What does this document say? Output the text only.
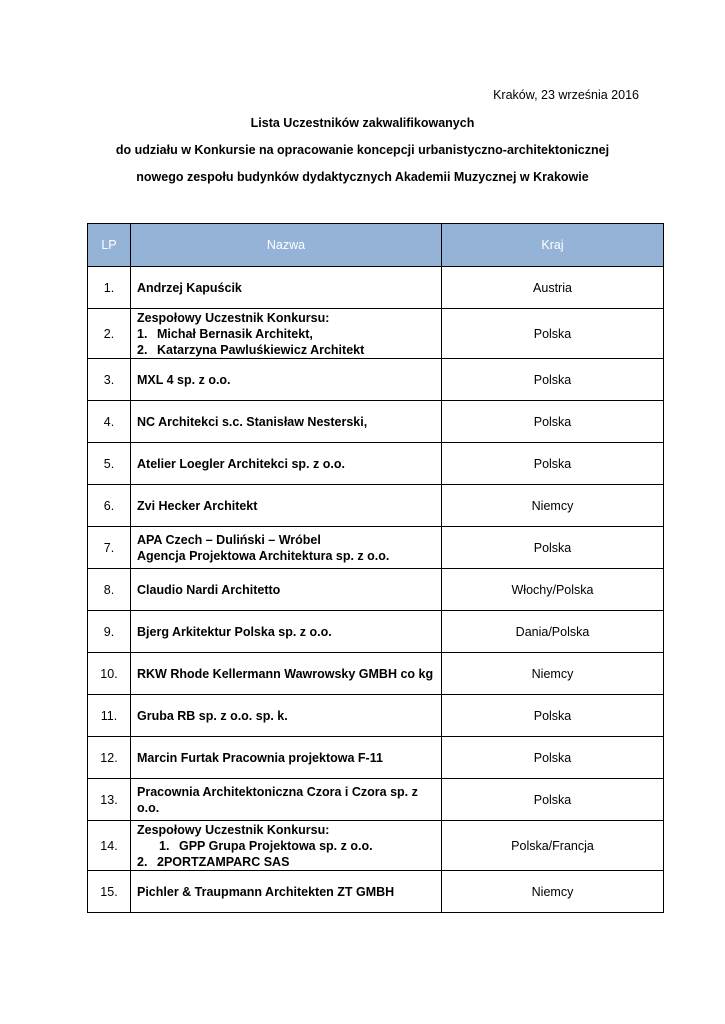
Kraków, 23 września 2016
Lista Uczestników zakwalifikowanych
do udziału w Konkursie na opracowanie koncepcji urbanistyczno-architektonicznej
nowego zespołu budynków dydaktycznych Akademii Muzycznej w Krakowie
LP	Nazwa	Kraj
1.	Andrzej Kapuścik	Austria
2.	Zespołowy Uczestnik Konkursu:
1. Michał Bernasik Architekt,
2. Katarzyna Pawluśkiewicz Architekt	Polska
3.	MXL 4 sp. z o.o.	Polska
4.	NC Architekci s.c. Stanisław Nesterski,	Polska
5.	Atelier Loegler Architekci sp. z o.o.	Polska
6.	Zvi Hecker Architekt	Niemcy
7.	APA Czech – Duliński – Wróbel
Agencja Projektowa Architektura sp. z o.o.	Polska
8.	Claudio Nardi Architetto	Włochy/Polska
9.	Bjerg Arkitektur Polska sp. z o.o.	Dania/Polska
10.	RKW Rhode Kellermann Wawrowsky GMBH co kg	Niemcy
11.	Gruba RB sp. z o.o. sp. k.	Polska
12.	Marcin Furtak Pracownia projektowa F-11	Polska
13.	Pracownia Architektoniczna Czora i Czora sp. z o.o.	Polska
14.	Zespołowy Uczestnik Konkursu:
1. GPP Grupa Projektowa sp. z o.o.
2. 2PORTZAMPARC SAS	Polska/Francja
15.	Pichler & Traupmann Architekten ZT GMBH	Niemcy
